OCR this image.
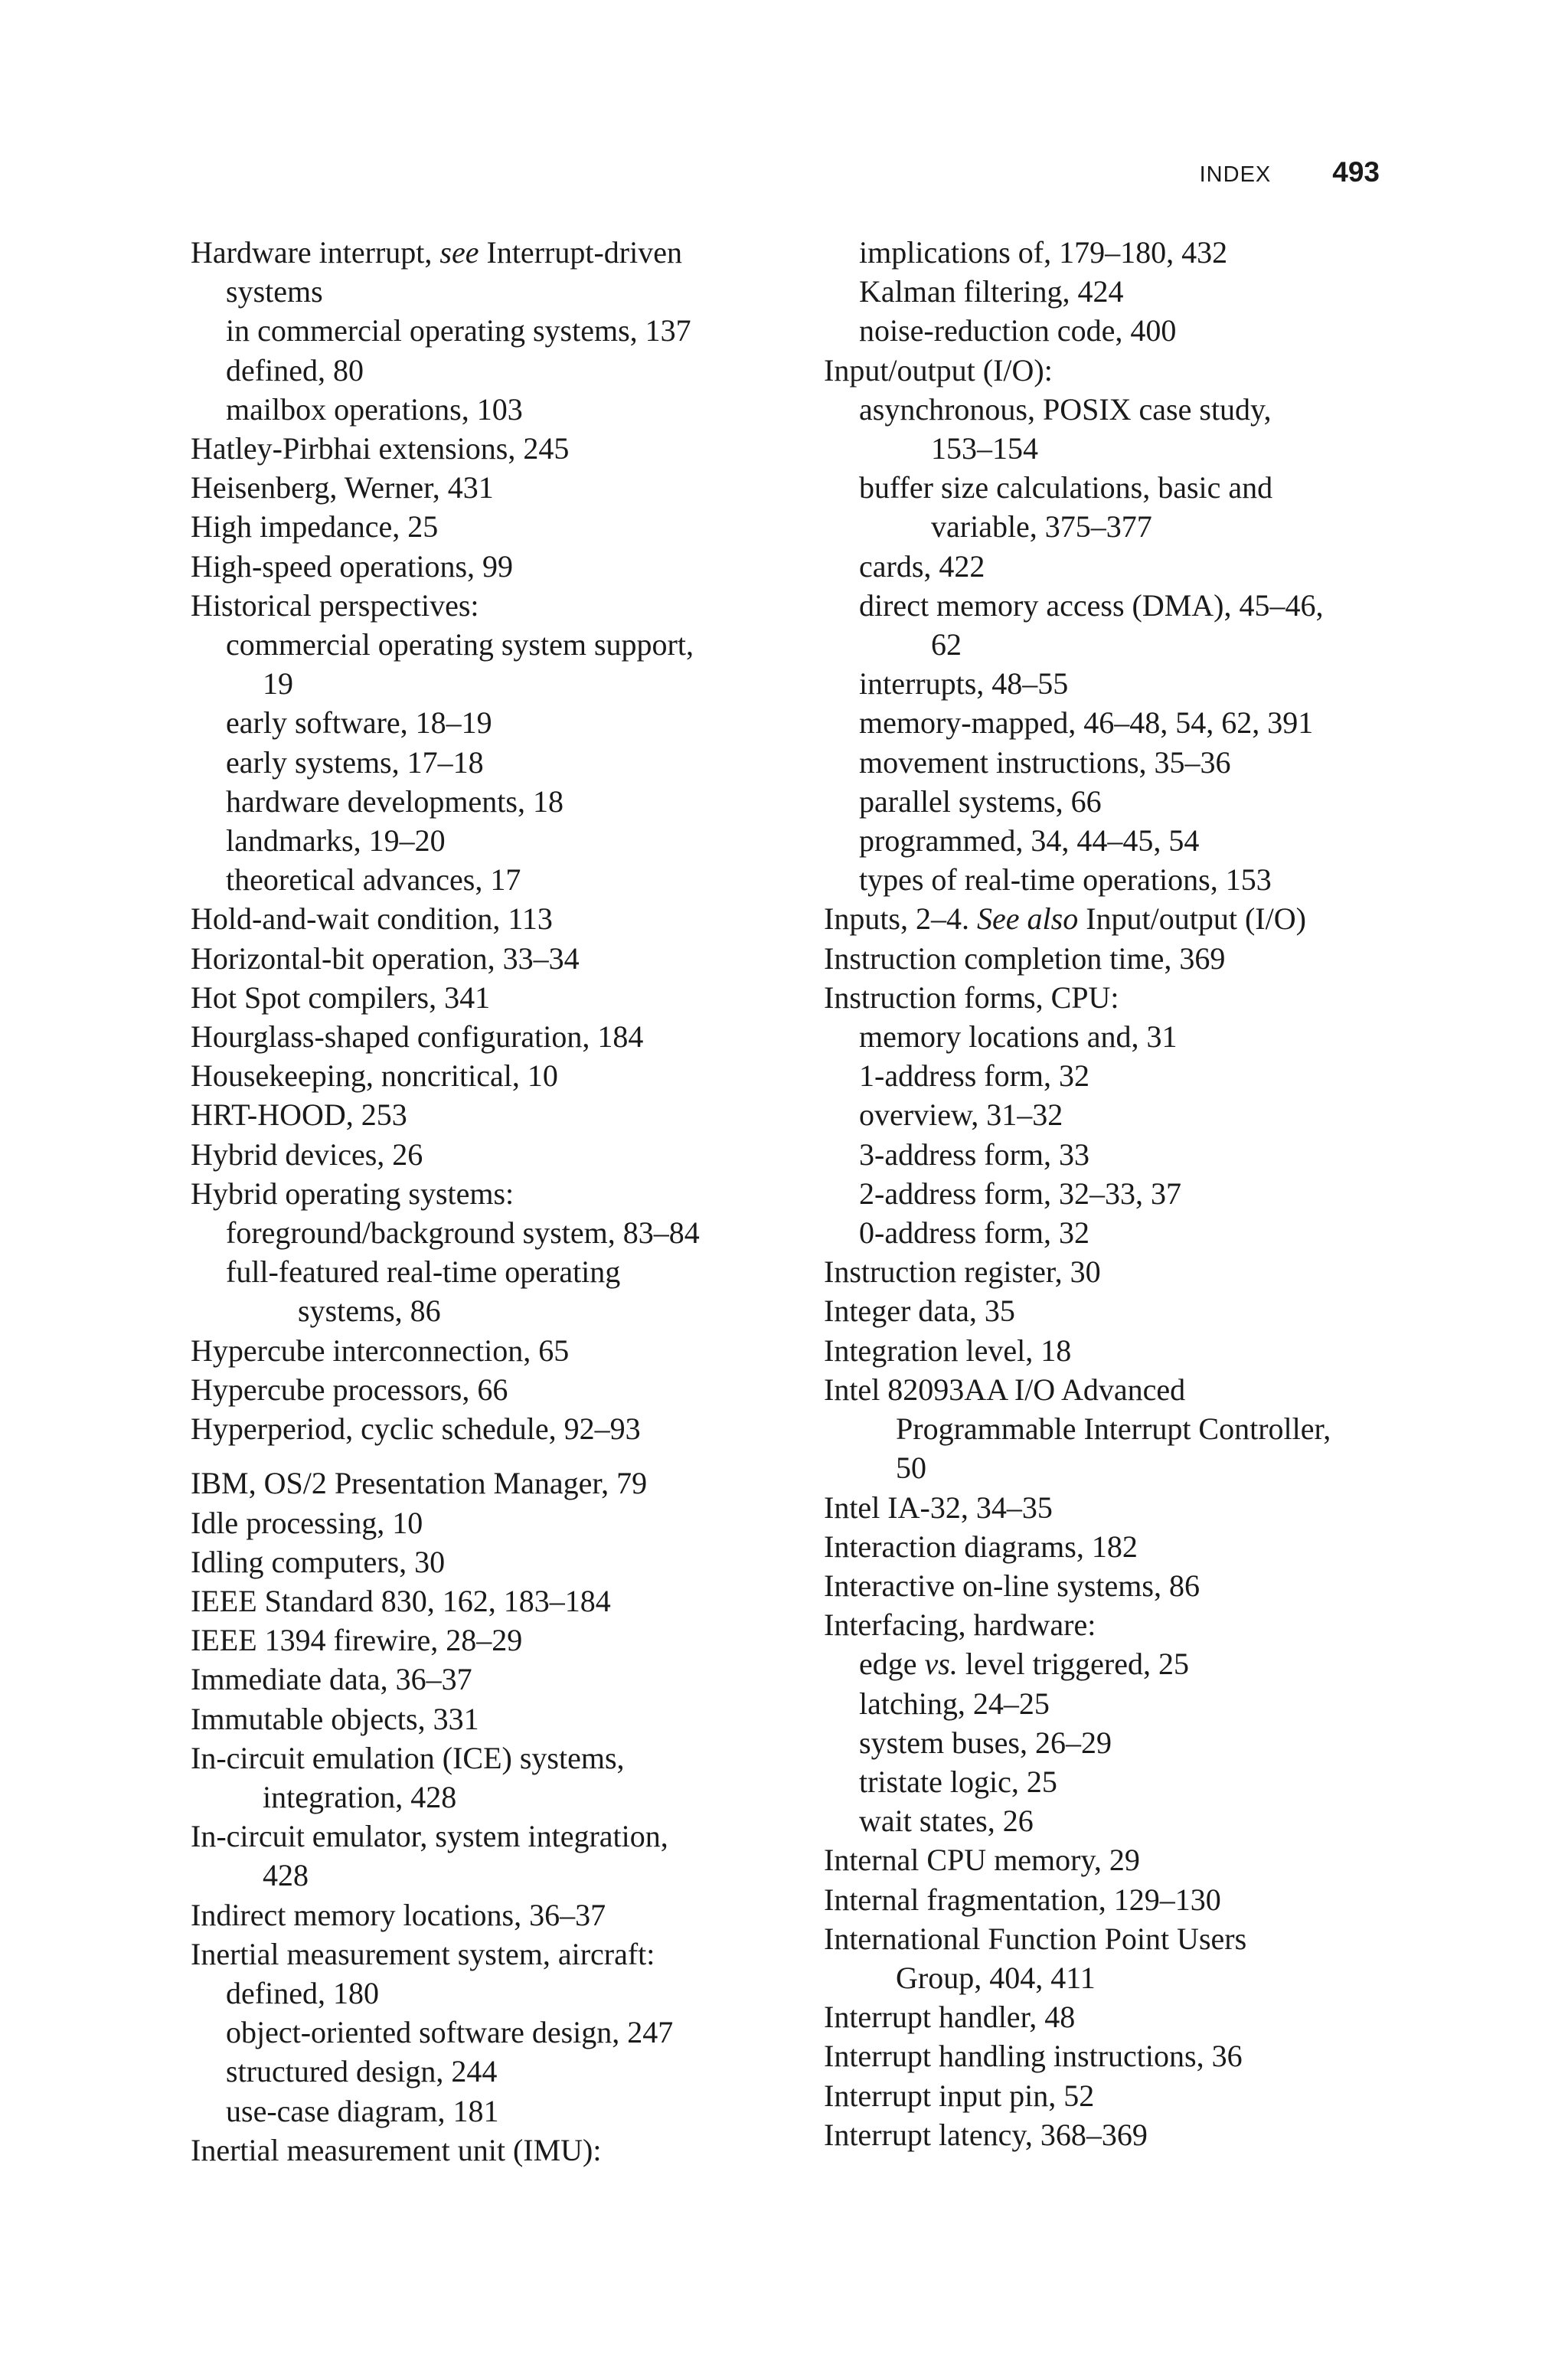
INDEX 493
Hardware interrupt, see Interrupt-driven
systems
in commercial operating systems, 137
defined, 80
mailbox operations, 103
Hatley-Pirbhai extensions, 245
Heisenberg, Werner, 431
High impedance, 25
High-speed operations, 99
Historical perspectives:
commercial operating system support,
19
early software, 18–19
early systems, 17–18
hardware developments, 18
landmarks, 19–20
theoretical advances, 17
Hold-and-wait condition, 113
Horizontal-bit operation, 33–34
Hot Spot compilers, 341
Hourglass-shaped configuration, 184
Housekeeping, noncritical, 10
HRT-HOOD, 253
Hybrid devices, 26
Hybrid operating systems:
foreground/background system, 83–84
full-featured real-time operating
systems, 86
Hypercube interconnection, 65
Hypercube processors, 66
Hyperperiod, cyclic schedule, 92–93
IBM, OS/2 Presentation Manager, 79
Idle processing, 10
Idling computers, 30
IEEE Standard 830, 162, 183–184
IEEE 1394 firewire, 28–29
Immediate data, 36–37
Immutable objects, 331
In-circuit emulation (ICE) systems,
integration, 428
In-circuit emulator, system integration,
428
Indirect memory locations, 36–37
Inertial measurement system, aircraft:
defined, 180
object-oriented software design, 247
structured design, 244
use-case diagram, 181
Inertial measurement unit (IMU):
implications of, 179–180, 432
Kalman filtering, 424
noise-reduction code, 400
Input/output (I/O):
asynchronous, POSIX case study,
153–154
buffer size calculations, basic and
variable, 375–377
cards, 422
direct memory access (DMA), 45–46,
62
interrupts, 48–55
memory-mapped, 46–48, 54, 62, 391
movement instructions, 35–36
parallel systems, 66
programmed, 34, 44–45, 54
types of real-time operations, 153
Inputs, 2–4. See also Input/output (I/O)
Instruction completion time, 369
Instruction forms, CPU:
memory locations and, 31
1-address form, 32
overview, 31–32
3-address form, 33
2-address form, 32–33, 37
0-address form, 32
Instruction register, 30
Integer data, 35
Integration level, 18
Intel 82093AA I/O Advanced
Programmable Interrupt Controller,
50
Intel IA-32, 34–35
Interaction diagrams, 182
Interactive on-line systems, 86
Interfacing, hardware:
edge vs. level triggered, 25
latching, 24–25
system buses, 26–29
tristate logic, 25
wait states, 26
Internal CPU memory, 29
Internal fragmentation, 129–130
International Function Point Users
Group, 404, 411
Interrupt handler, 48
Interrupt handling instructions, 36
Interrupt input pin, 52
Interrupt latency, 368–369
